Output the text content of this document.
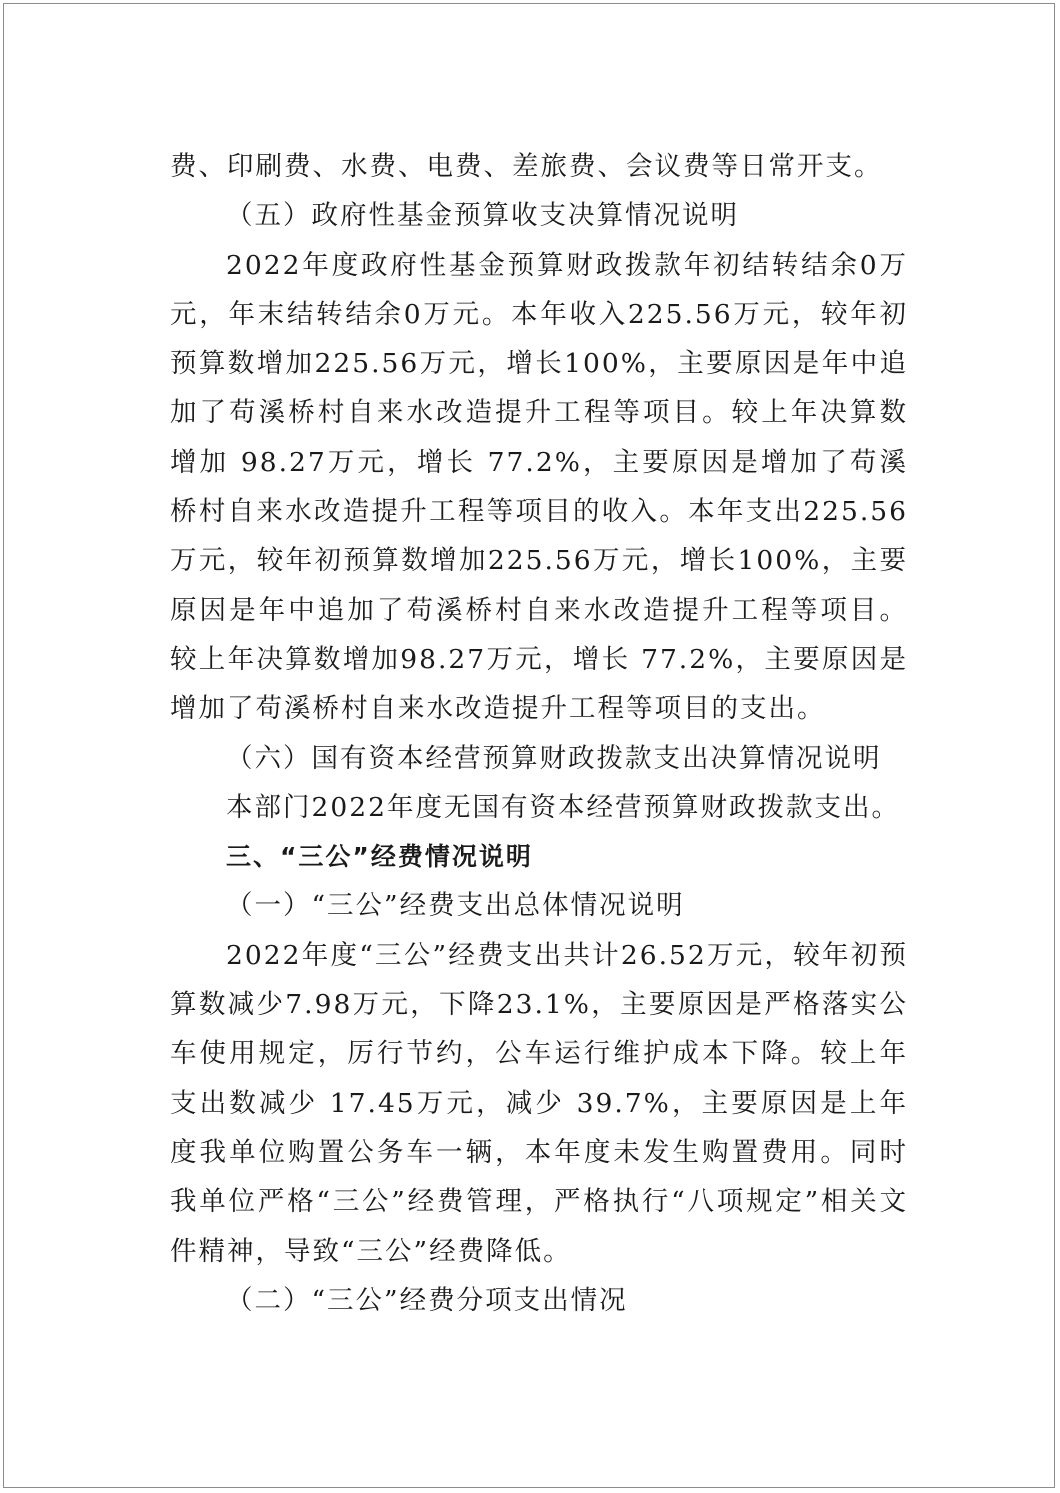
费、印刷费、水费、电费、差旅费、会议费等日常开支。

（五）政府性基金预算收支决算情况说明

2022年度政府性基金预算财政拨款年初结转结余0万元，年末结转结余0万元。本年收入225.56万元，较年初预算数增加225.56万元，增长100%，主要原因是年中追加了苟溪桥村自来水改造提升工程等项目。较上年决算数增加 98.27万元，增长 77.2%，主要原因是增加了苟溪桥村自来水改造提升工程等项目的收入。本年支出225.56万元，较年初预算数增加225.56万元，增长100%，主要原因是年中追加了苟溪桥村自来水改造提升工程等项目。较上年决算数增加98.27万元，增长 77.2%，主要原因是增加了苟溪桥村自来水改造提升工程等项目的支出。

（六）国有资本经营预算财政拨款支出决算情况说明

本部门2022年度无国有资本经营预算财政拨款支出。

三、“三公”经费情况说明

（一）“三公”经费支出总体情况说明

2022年度“三公”经费支出共计26.52万元，较年初预算数减少7.98万元，下降23.1%，主要原因是严格落实公车使用规定，厉行节约，公车运行维护成本下降。较上年支出数减少 17.45万元，减少 39.7%，主要原因是上年度我单位购置公务车一辆，本年度未发生购置费用。同时我单位严格“三公”经费管理，严格执行“八项规定”相关文件精神，导致“三公”经费降低。

（二）“三公”经费分项支出情况
